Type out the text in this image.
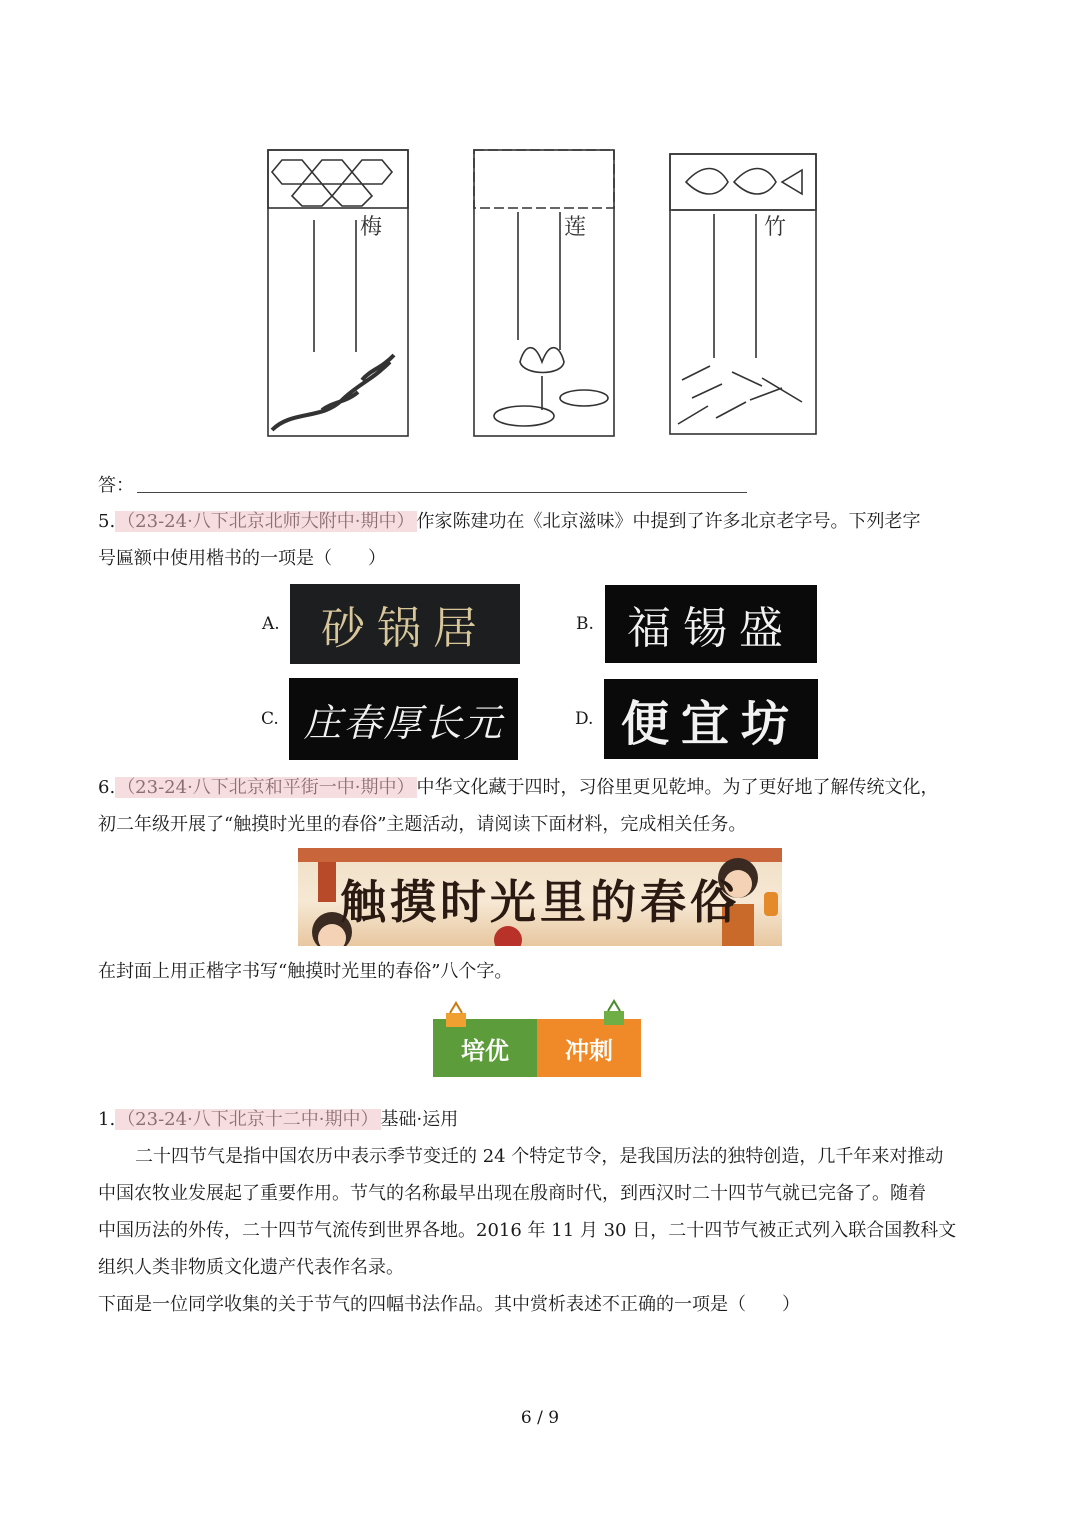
梅	莲	竹
答：
5. （23-24·八下北京北师大附中·期中） 作家陈建功在《北京滋味》中提到了许多北京老字号。下列老字
号匾额中使用楷书的一项是（　　）
A. 砂锅居	B. 福锡盛
C. 庄春厚长元	D. 便宜坊
6. （23-24·八下北京和平街一中·期中） 中华文化藏于四时，习俗里更见乾坤。为了更好地了解传统文化，
初二年级开展了“触摸时光里的春俗”主题活动，请阅读下面材料，完成相关任务。
触摸时光里的春俗
在封面上用正楷字书写“触摸时光里的春俗”八个字。
培优	冲刺
1. （23-24·八下北京十二中·期中） 基础·运用
二十四节气是指中国农历中表示季节变迁的 24 个特定节令，是我国历法的独特创造，几千年来对推动
中国农牧业发展起了重要作用。节气的名称最早出现在殷商时代，到西汉时二十四节气就已完备了。随着
中国历法的外传，二十四节气流传到世界各地。2016 年 11 月 30 日，二十四节气被正式列入联合国教科文
组织人类非物质文化遗产代表作名录。
下面是一位同学收集的关于节气的四幅书法作品。其中赏析表述不正确的一项是（　　）
6 / 9
